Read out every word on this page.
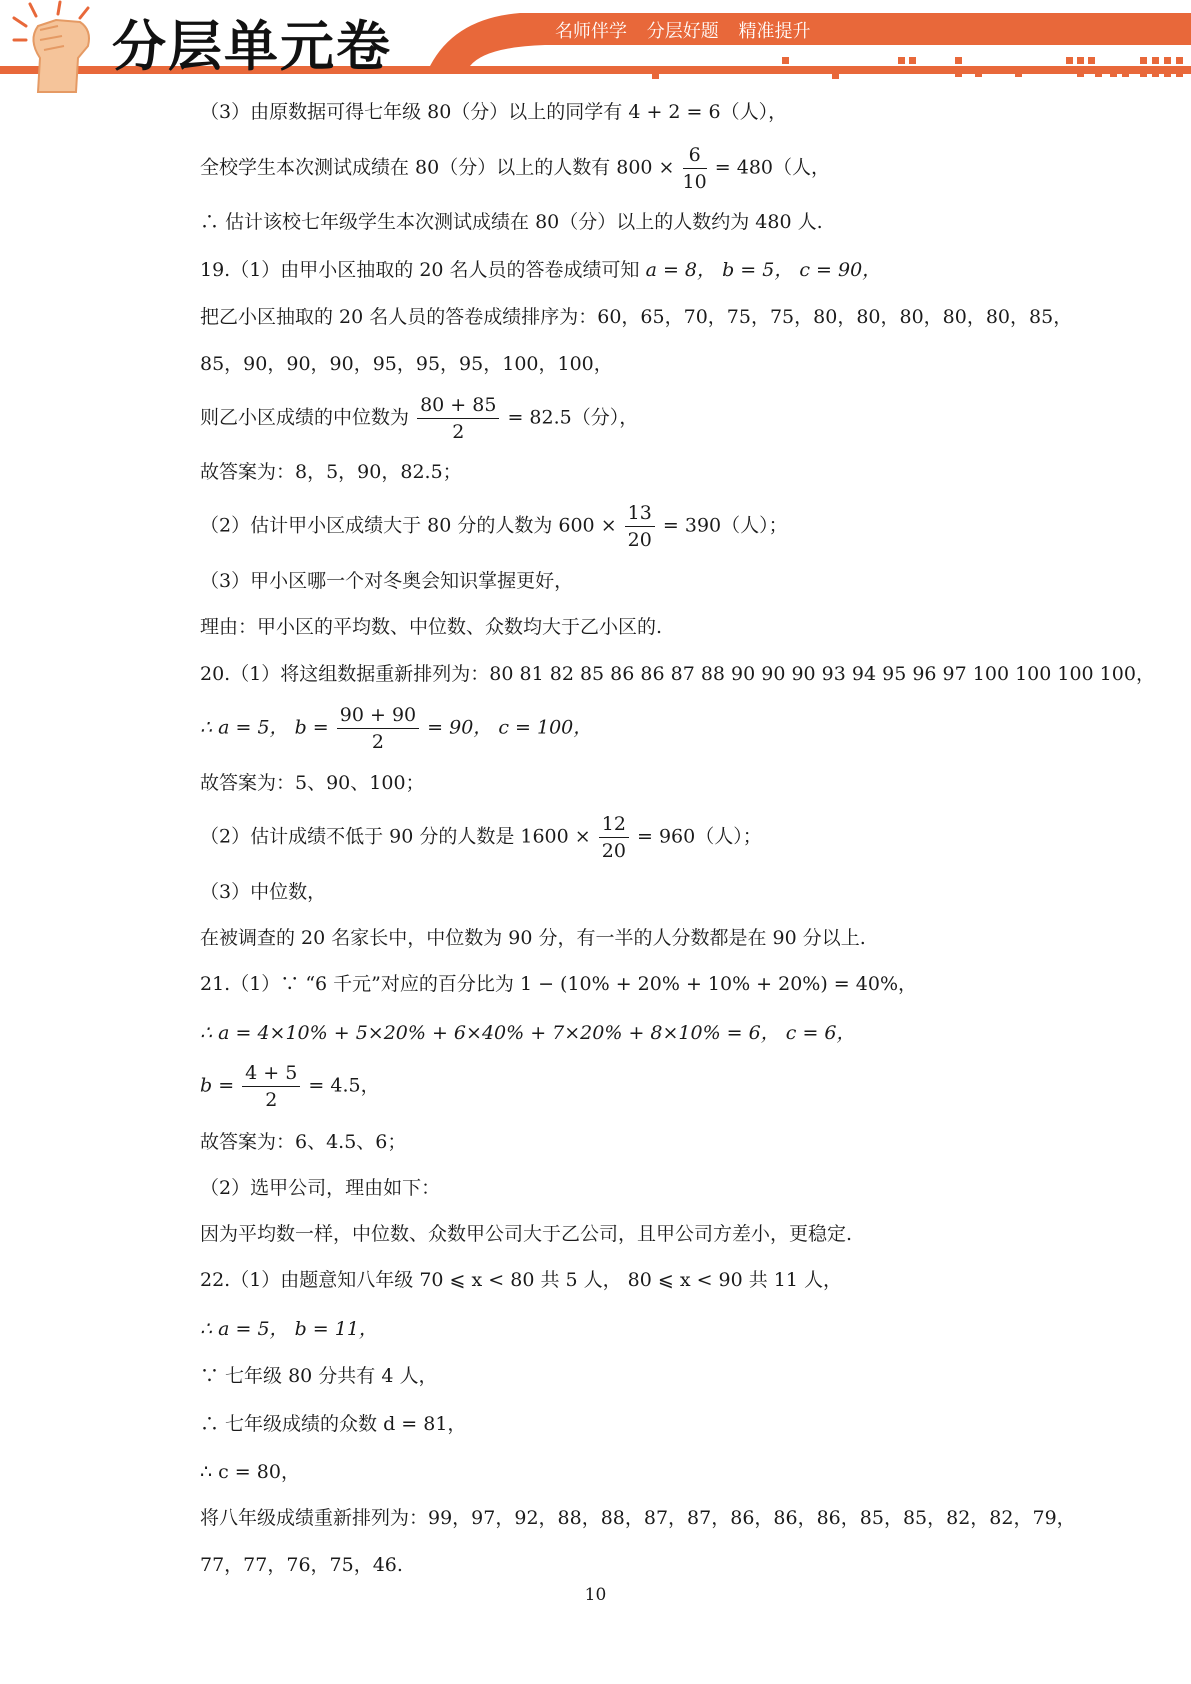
分层单元卷	名师伴学 分层好题 精准提升
（3）由原数据可得七年级 80（分）以上的同学有 4 + 2 = 6（人），
全校学生本次测试成绩在 80（分）以上的人数有 $800 \times \frac{6}{10} = 480$（人，
∴ 估计该校七年级学生本次测试成绩在 80（分）以上的人数约为 480 人.
19.（1）由甲小区抽取的 20 名人员的答卷成绩可知 a = 8， b = 5， c = 90，
把乙小区抽取的 20 名人员的答卷成绩排序为：60，65，70，75，75，80，80，80，80，80，85，
85，90，90，90，95，95，95，100，100，
则乙小区成绩的中位数为 $\frac{80 + 85}{2} = 82.5$（分），
故答案为：8，5，90，82.5；
（2）估计甲小区成绩大于 80 分的人数为 $600 \times \frac{13}{20} = 390$（人）；
（3）甲小区哪一个对冬奥会知识掌握更好，
理由：甲小区的平均数、中位数、众数均大于乙小区的.
20.（1）将这组数据重新排列为：80 81 82 85 86 86 87 88 90 90 90 93 94 95 96 97 100 100 100 100，
∴ a = 5， $b = \frac{90 + 90}{2} = 90$， c = 100，
故答案为：5、90、100；
（2）估计成绩不低于 90 分的人数是 $1600 \times \frac{12}{20} = 960$（人）；
（3）中位数，
在被调查的 20 名家长中，中位数为 90 分，有一半的人分数都是在 90 分以上.
21.（1）∵ “6 千元”对应的百分比为 1 − (10% + 20% + 10% + 20%) = 40%，
∴ a = 4×10% + 5×20% + 6×40% + 7×20% + 8×10% = 6， c = 6，
$b = \frac{4 + 5}{2} = 4.5$，
故答案为：6、4.5、6；
（2）选甲公司，理由如下：
因为平均数一样，中位数、众数甲公司大于乙公司，且甲公司方差小，更稳定.
22.（1）由题意知八年级 70 ⩽ x < 80 共 5 人， 80 ⩽ x < 90 共 11 人，
∴ a = 5， b = 11，
∵ 七年级 80 分共有 4 人，
∴ 七年级成绩的众数 d = 81，
∴ c = 80，
将八年级成绩重新排列为：99，97，92，88，88，87，87，86，86，86，85，85，82，82，79，
77，77，76，75，46.
10
